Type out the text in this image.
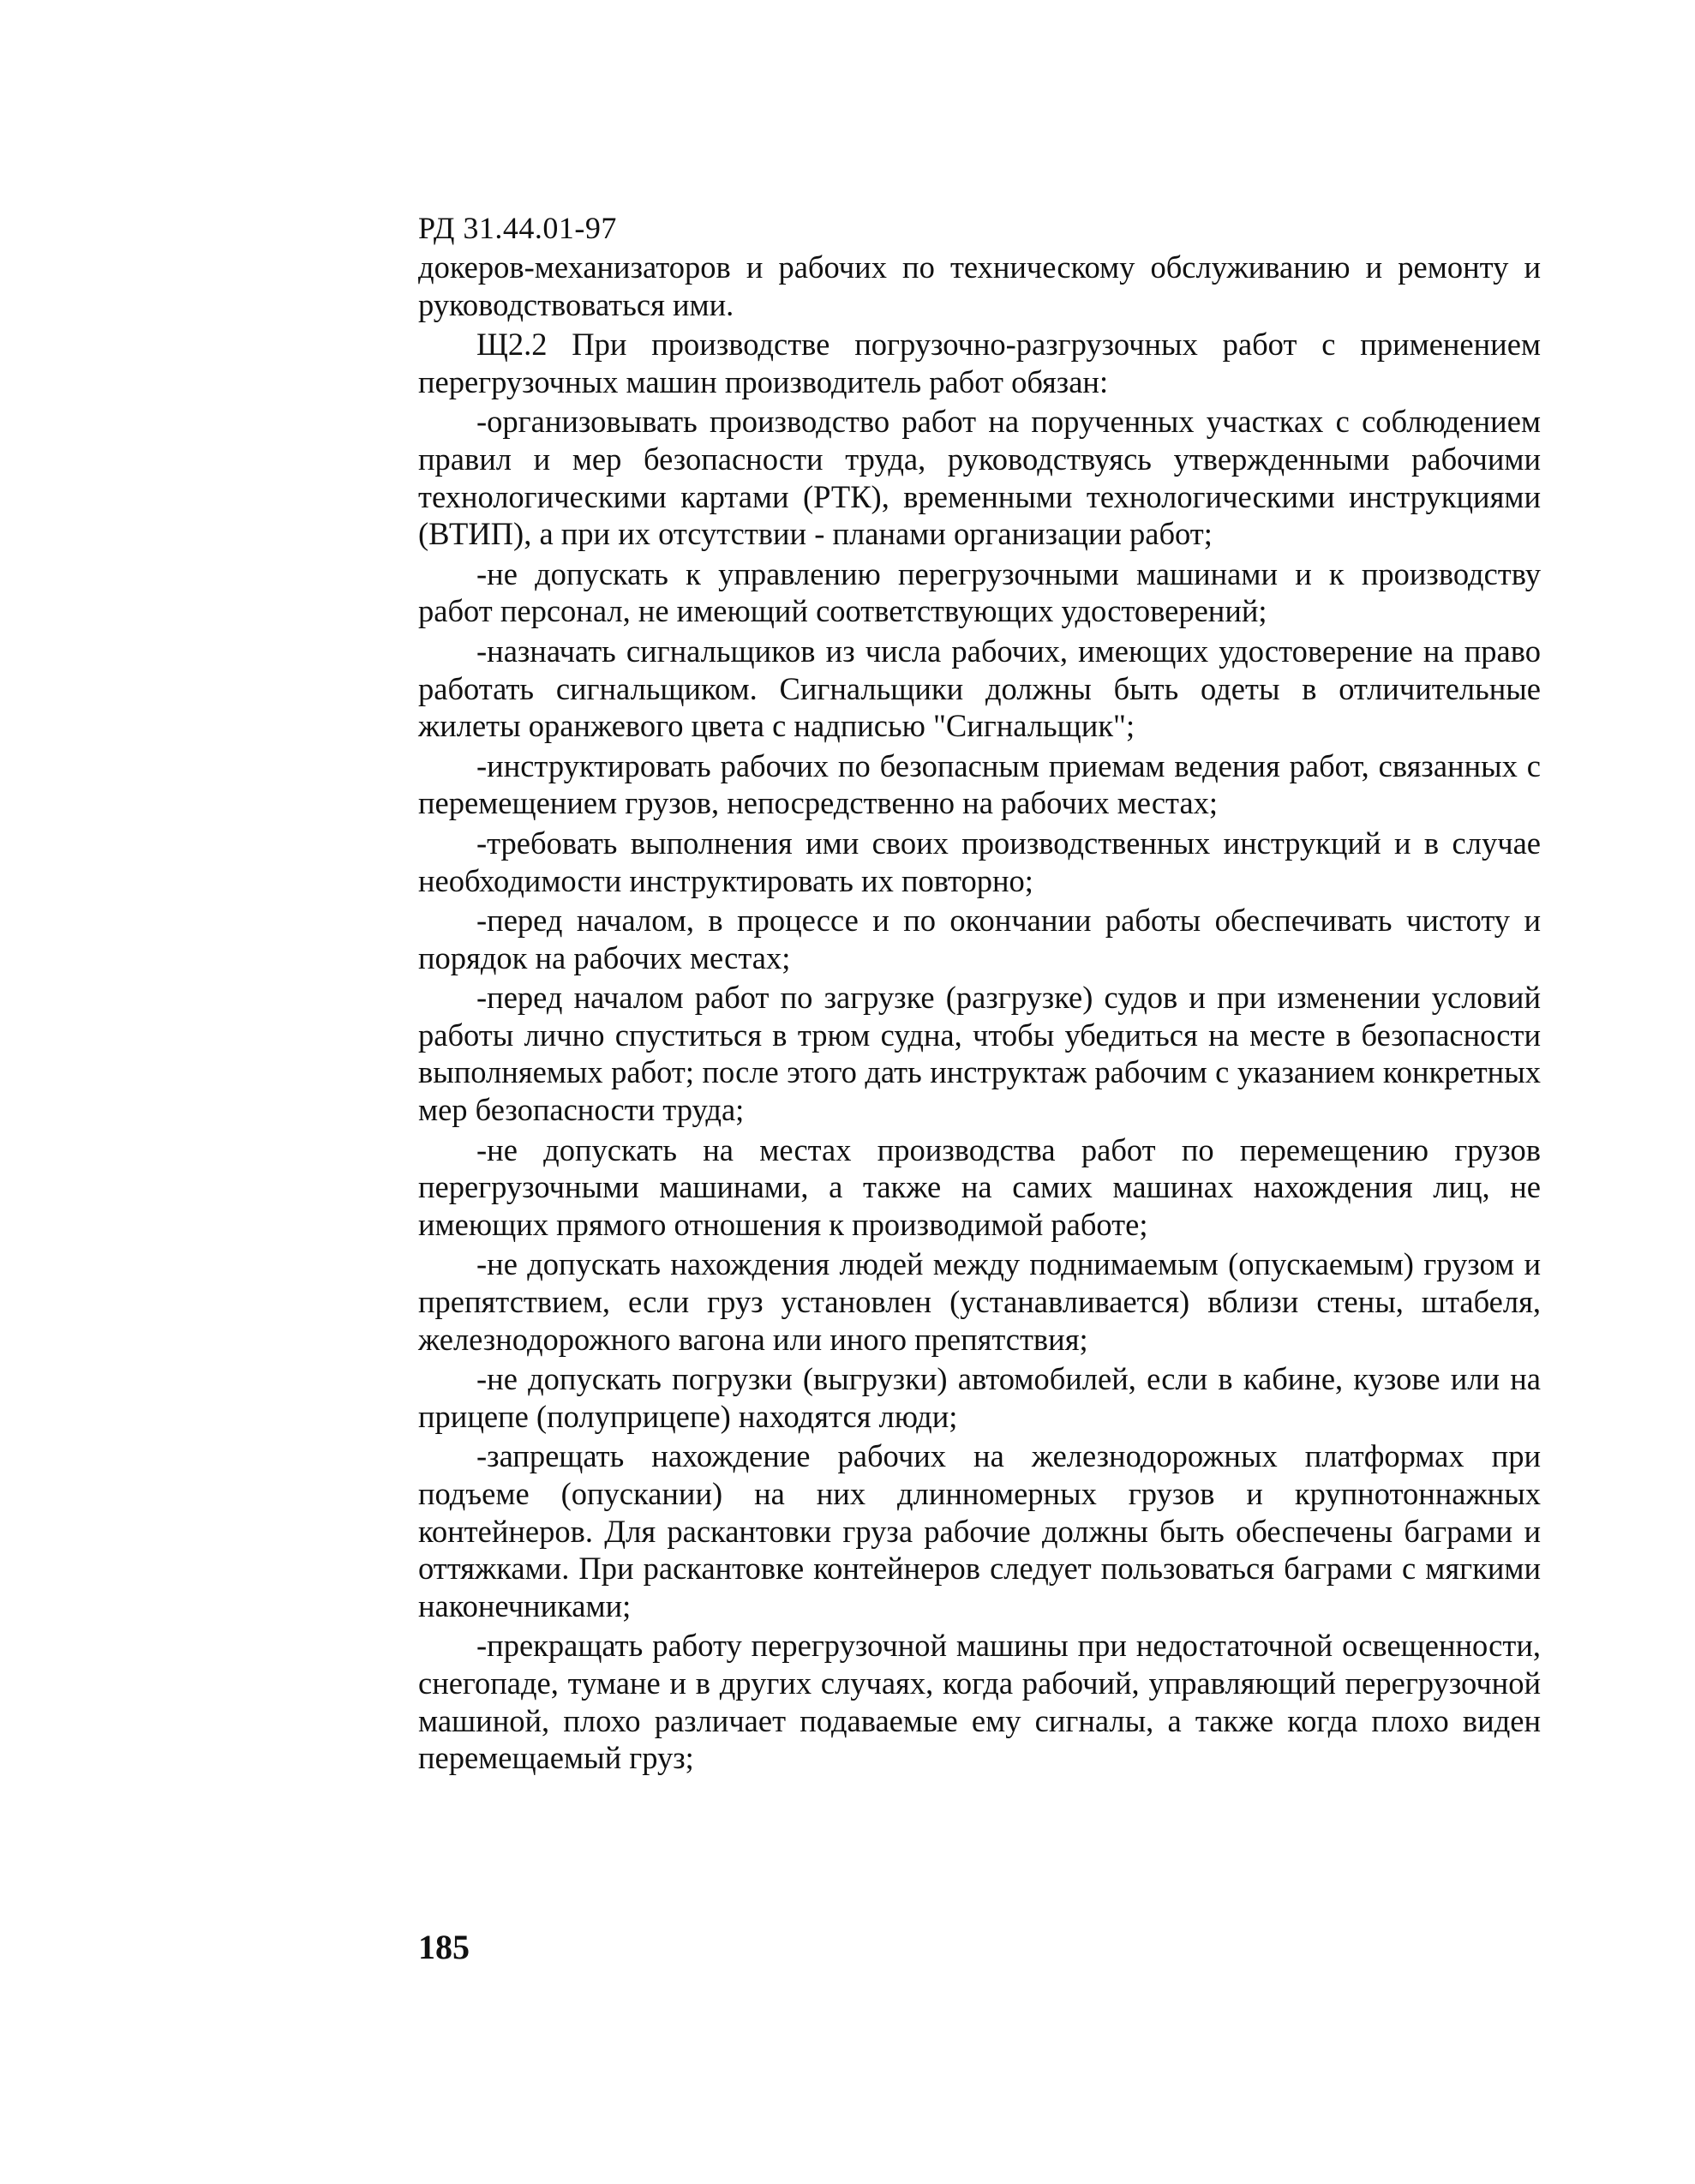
РД 31.44.01-97

докеров-механизаторов и рабочих по техническому обслуживанию и ремонту и руководствоваться ими.

Щ2.2 При производстве погрузочно-разгрузочных работ с применением перегрузочных машин производитель работ обязан:

-организовывать производство работ на порученных участках с соблюдением правил и мер безопасности труда, руководствуясь утвержденными рабочими технологическими картами (РТК), временными технологическими инструкциями (ВТИП), а при их отсутствии - планами организации работ;

-не допускать к управлению перегрузочными машинами и к производству работ персонал, не имеющий соответствующих удостоверений;

-назначать сигнальщиков из числа рабочих, имеющих удостоверение на право работать сигнальщиком. Сигнальщики должны быть одеты в отличительные жилеты оранжевого цвета с надписью "Сигнальщик";

-инструктировать рабочих по безопасным приемам ведения работ, связанных с перемещением грузов, непосредственно на рабочих местах;

-требовать выполнения ими своих производственных инструкций и в случае необходимости инструктировать их повторно;

-перед началом, в процессе и по окончании работы обеспечивать чистоту и порядок на рабочих местах;

-перед началом работ по загрузке (разгрузке) судов и при изменении условий работы лично спуститься в трюм судна, чтобы убедиться на месте в безопасности выполняемых работ; после этого дать инструктаж рабочим с указанием конкретных мер безопасности труда;

-не допускать на местах производства работ по перемещению грузов перегрузочными машинами, а также на самих машинах нахождения лиц, не имеющих прямого отношения к производимой работе;

-не допускать нахождения людей между поднимаемым (опускаемым) грузом и препятствием, если груз установлен (устанавливается) вблизи стены, штабеля, железнодорожного вагона или иного препятствия;

-не допускать погрузки (выгрузки) автомобилей, если в кабине, кузове или на прицепе (полуприцепе) находятся люди;

-запрещать нахождение рабочих на железнодорожных платформах при подъеме (опускании) на них длинномерных грузов и крупнотоннажных контейнеров. Для раскантовки груза рабочие должны быть обеспечены баграми и оттяжками. При раскантовке контейнеров следует пользоваться баграми с мягкими наконечниками;

-прекращать работу перегрузочной машины при недостаточной освещенности, снегопаде, тумане и в других случаях, когда рабочий, управляющий перегрузочной машиной, плохо различает подаваемые ему сигналы, а также когда плохо виден перемещаемый груз;

185
